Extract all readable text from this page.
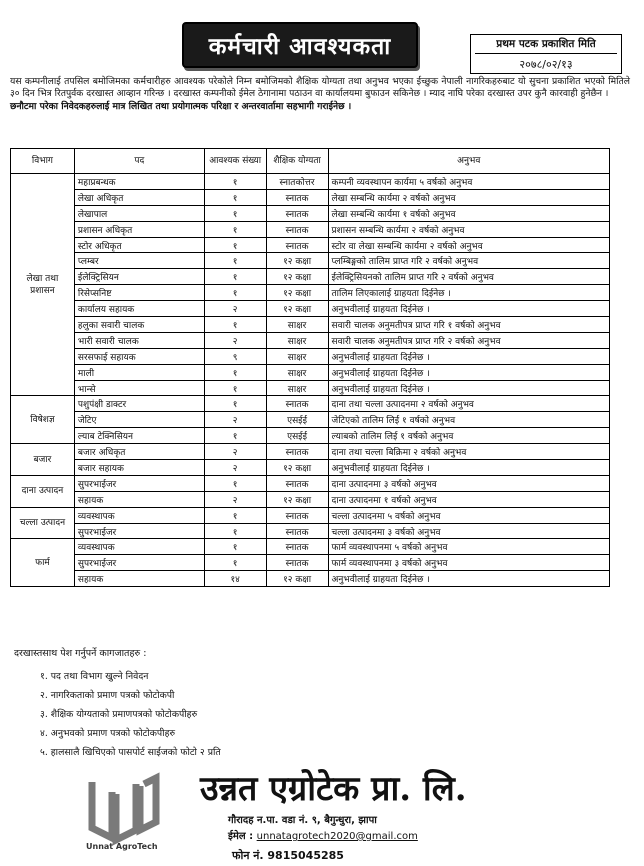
कर्मचारी आवश्यकता	प्रथम पटक प्रकाशित मिति
२०७८/०२/१३
यस कम्पनीलाई तपसिल बमोजिमका कर्मचारीहरु आवश्यक परेकोले निम्न बमोजिमको शैक्षिक योग्यता तथा अनुभव भएका ईच्छुक नेपाली नागरिकहरुबाट यो सुचना प्रकाशित भएको मितिले ३० दिन भित्र रितपुर्वक दरखास्त आव्हान गरिन्छ । दरखास्त कम्पनीको ईमेल ठेगानामा पठाउन वा कार्यालयमा बुफाउन सकिनेछ । म्याद नाघि परेका दरखास्त उपर कुनै कारवाही हुनेछैन ।
छनौटमा परेका निवेदकहरुलाई मात्र लिखित तथा प्रयोगात्मक परिक्षा र अन्तरवार्तामा सहभागी गराईनेछ ।
विभाग	पद	आवश्यक संख्या	शैक्षिक योग्यता	अनुभव
लेखा तथा प्रशासन	महाप्रबन्धक	१	स्नातकोत्तर	कम्पनी व्यवस्थापन कार्यमा ५ वर्षको अनुभव
	लेखा अधिकृत	१	स्नातक	लेखा सम्बन्धि कार्यमा २ वर्षको अनुभव
	लेखापाल	१	स्नातक	लेखा सम्बन्धि कार्यमा १ वर्षको अनुभव
	प्रशासन अधिकृत	१	स्नातक	प्रशासन सम्बन्धि कार्यमा २ वर्षको अनुभव
	स्टोर अधिकृत	१	स्नातक	स्टोर वा लेखा सम्बन्धि कार्यमा २ वर्षको अनुभव
	प्लम्बर	१	१२ कक्षा	प्लम्बिङ्गको तालिम प्राप्त गरि २ वर्षको अनुभव
	ईलेक्ट्रिसियन	१	१२ कक्षा	ईलेक्ट्रिसियनको तालिम प्राप्त गरि २ वर्षको अनुभव
	रिसेप्सनिष्ट	१	१२ कक्षा	तालिम लिएकालाई ग्राहयता दिईनेछ ।
	कार्यालय सहायक	२	१२ कक्षा	अनुभवीलाई ग्राहयता दिईनेछ ।
	हलुका सवारी चालक	१	साक्षर	सवारी चालक अनुमतीपत्र प्राप्त गरि १ वर्षको अनुभव
	भारी सवारी चालक	२	साक्षर	सवारी चालक अनुमतीपत्र प्राप्त गरि २ वर्षको अनुभव
	सरसफाई सहायक	९	साक्षर	अनुभवीलाई ग्राहयता दिईनेछ ।
	माली	१	साक्षर	अनुभवीलाई ग्राहयता दिईनेछ ।
	भान्से	१	साक्षर	अनुभवीलाई ग्राहयता दिईनेछ ।
विषेशज्ञ	पशुपंक्षी डाक्टर	१	स्नातक	दाना तथा चल्ला उत्पादनमा २ वर्षको अनुभव
	जेटिए	२	एसईई	जेटिएको तालिम लिई १ वर्षको अनुभव
	ल्याब टेक्निसियन	१	एसईई	ल्याबको तालिम लिई १ वर्षको अनुभव
बजार	बजार अधिकृत	२	स्नातक	दाना तथा चल्ला बिक्रिमा २ वर्षको अनुभव
	बजार सहायक	२	१२ कक्षा	अनुभवीलाई ग्राहयता दिईनेछ ।
दाना उत्पादन	सुपरभाईजर	१	स्नातक	दाना उत्पादनमा ३ वर्षको अनुभव
	सहायक	२	१२ कक्षा	दाना उत्पादनमा १ वर्षको अनुभव
चल्ला उत्पादन	व्यवस्थापक	१	स्नातक	चल्ला उत्पादनमा ५ वर्षको अनुभव
	सुपरभाईजर	१	स्नातक	चल्ला उत्पादनमा ३ वर्षको अनुभव
फार्म	व्यवस्थापक	१	स्नातक	फार्म व्यवस्थापनमा ५ वर्षको अनुभव
	सुपरभाईजर	१	स्नातक	फार्म व्यवस्थापनमा ३ वर्षको अनुभव
	सहायक	१४	१२ कक्षा	अनुभवीलाई ग्राहयता दिईनेछ ।
दरखास्तसाथ पेश गर्नुपर्ने कागजातहरु :
१. पद तथा विभाग खुल्ने निवेदन
२. नागरिकताको प्रमाण पत्रको फोटोकपी
३. शैक्षिक योग्यताको प्रमाणपत्रको फोटोकपीहरु
४. अनुभवको प्रमाण पत्रको फोटोकपीहरु
५. हालसालै खिचिएको पासपोर्ट साईजको फोटो २ प्रति
Unnat AgroTech
उन्नत एग्रोटेक प्रा. लि.
गौरादह न.पा. वडा नं. ९, बैगुन्धुरा, झापा
ईमेल : unnatagrotech2020@gmail.com
फोन नं. 9815045285
